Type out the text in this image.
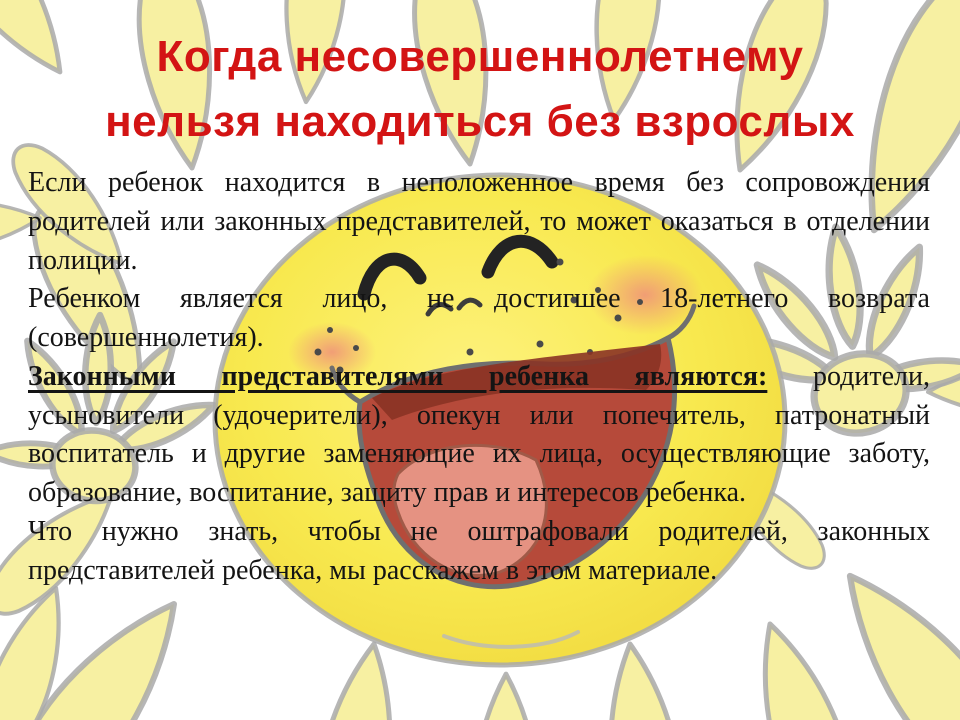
Когда несовершеннолетнему
нельзя находиться без взрослых

Если ребенок находится в неположенное время без сопровождения родителей или законных представителей, то может оказаться в отделении полиции.

Ребенком является лицо, не достигшее 18-летнего возврата (совершеннолетия).

Законными представителями ребенка являются: родители, усыновители (удочерители), опекун или попечитель, патронатный воспитатель и другие заменяющие их лица, осуществляющие заботу, образование, воспитание, защиту прав и интересов ребенка.

Что нужно знать, чтобы не оштрафовали родителей, законных представителей ребенка, мы расскажем в этом материале.
